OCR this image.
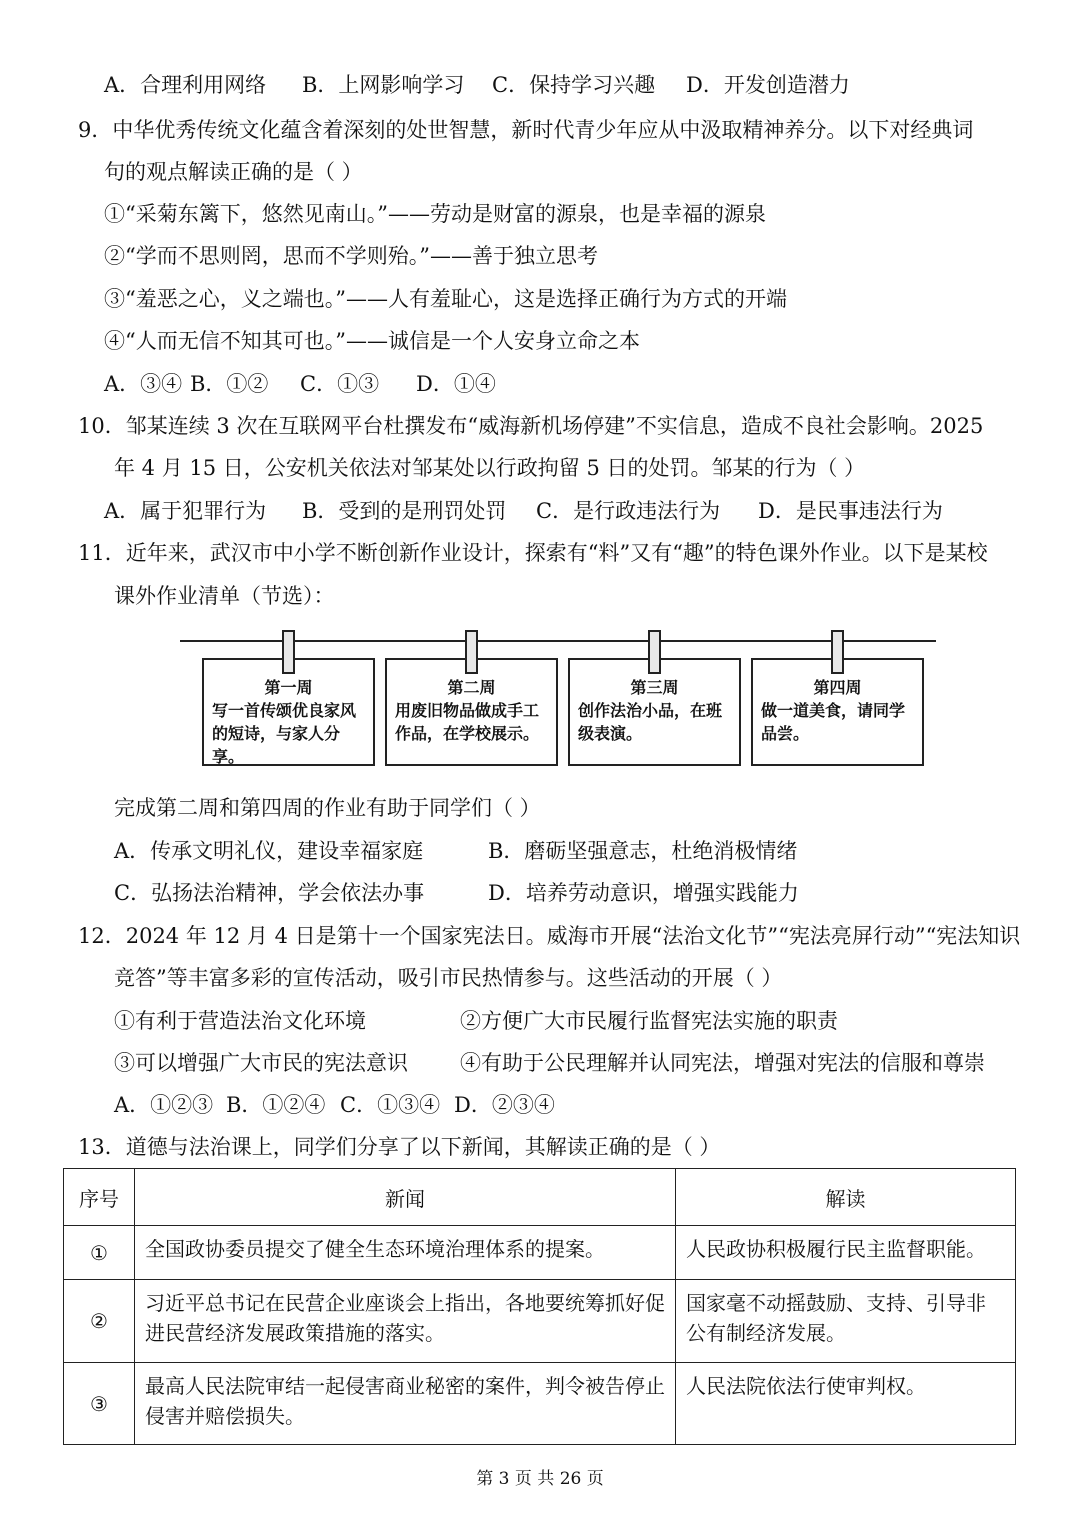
A．合理利用网络 B．上网影响学习 C．保持学习兴趣 D．开发创造潜力
9．中华优秀传统文化蕴含着深刻的处世智慧，新时代青少年应从中汲取精神养分。以下对经典词
句的观点解读正确的是（ ）
①“采菊东篱下，悠然见南山。”——劳动是财富的源泉，也是幸福的源泉
②“学而不思则罔，思而不学则殆。”——善于独立思考
③“羞恶之心，义之端也。”——人有羞耻心，这是选择正确行为方式的开端
④“人而无信不知其可也。”——诚信是一个人安身立命之本
A．③④ B．①② C．①③ D．①④
10．邹某连续 3 次在互联网平台杜撰发布“威海新机场停建”不实信息，造成不良社会影响。2025
年 4 月 15 日，公安机关依法对邹某处以行政拘留 5 日的处罚。邹某的行为（ ）
A．属于犯罪行为 B．受到的是刑罚处罚 C．是行政违法行为 D．是民事违法行为
11．近年来，武汉市中小学不断创新作业设计，探索有“料”又有“趣”的特色课外作业。以下是某校
课外作业清单（节选）：
第一周
写一首传颂优良家风的短诗，与家人分享。
第二周
用废旧物品做成手工作品，在学校展示。
第三周
创作法治小品，在班级表演。
第四周
做一道美食，请同学品尝。
完成第二周和第四周的作业有助于同学们（ ）
A．传承文明礼仪，建设幸福家庭	B．磨砺坚强意志，杜绝消极情绪
C．弘扬法治精神，学会依法办事	D．培养劳动意识，增强实践能力
12．2024 年 12 月 4 日是第十一个国家宪法日。威海市开展“法治文化节”“宪法亮屏行动”“宪法知识
竞答”等丰富多彩的宣传活动，吸引市民热情参与。这些活动的开展（ ）
①有利于营造法治文化环境	②方便广大市民履行监督宪法实施的职责
③可以增强广大市民的宪法意识 ④有助于公民理解并认同宪法，增强对宪法的信服和尊崇
A．①②③ B．①②④ C．①③④ D．②③④
13．道德与法治课上，同学们分享了以下新闻，其解读正确的是（ ）
序号	新闻	解读
①	全国政协委员提交了健全生态环境治理体系的提案。	人民政协积极履行民主监督职能。
②	习近平总书记在民营企业座谈会上指出，各地要统筹抓好促进民营经济发展政策措施的落实。	国家毫不动摇鼓励、支持、引导非公有制经济发展。
③	最高人民法院审结一起侵害商业秘密的案件，判令被告停止侵害并赔偿损失。	人民法院依法行使审判权。
第 3 页 共 26 页
